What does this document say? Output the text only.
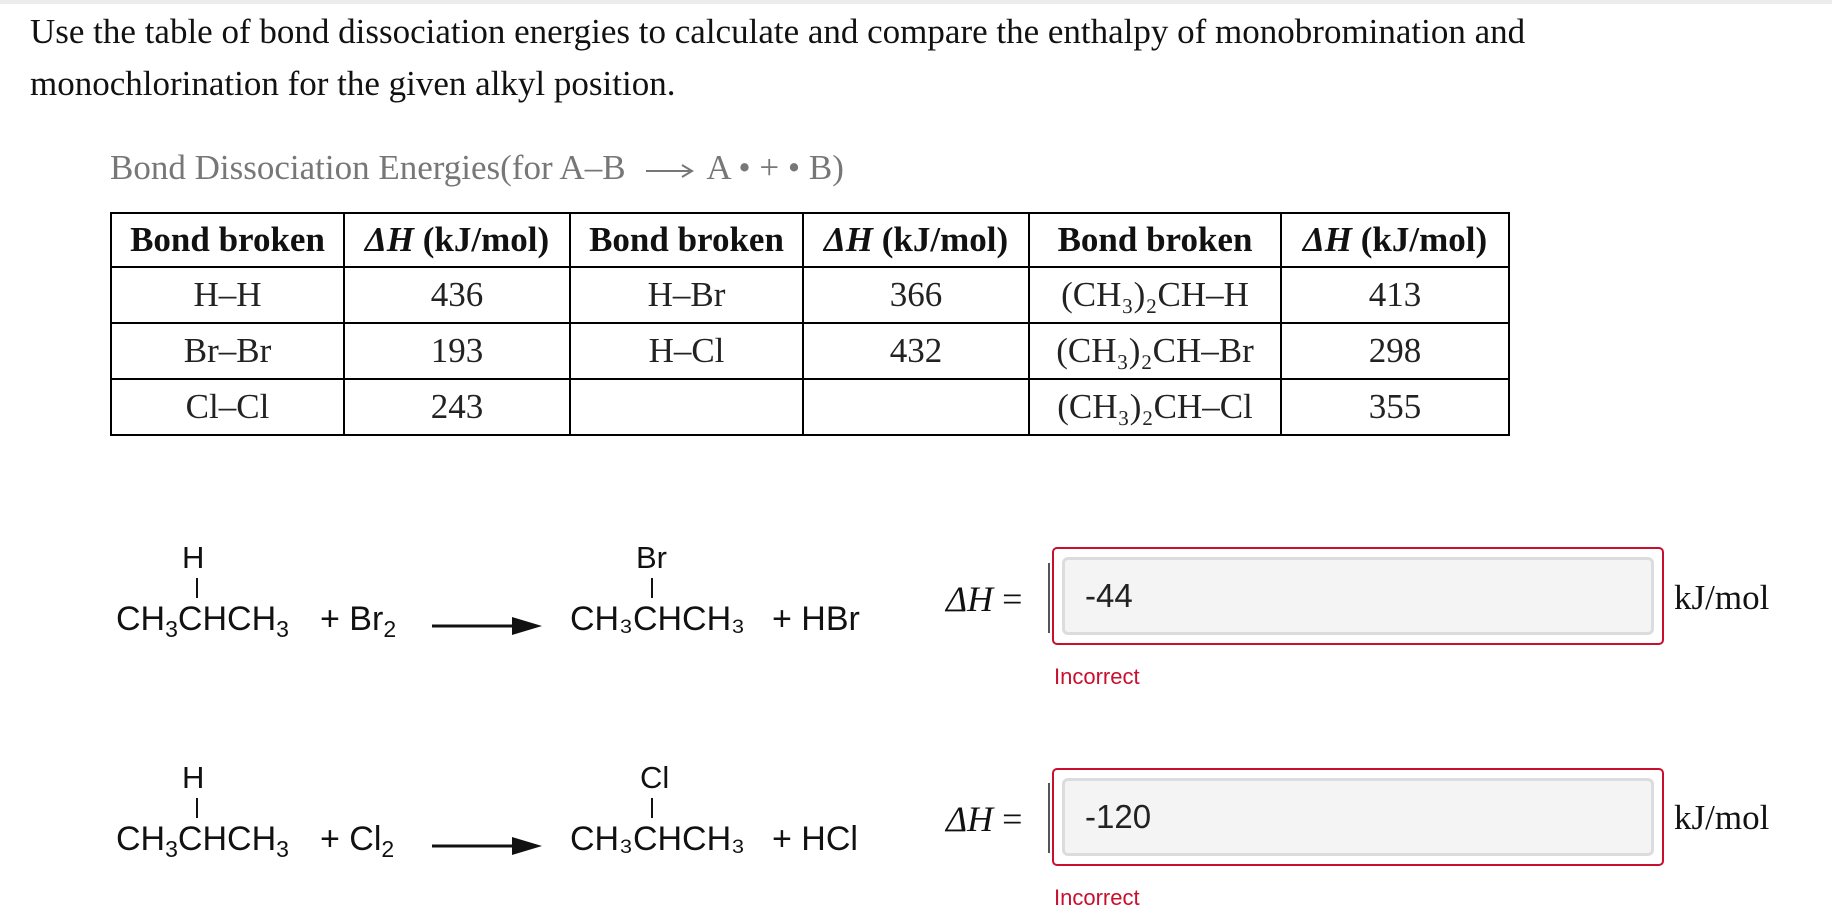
Use the table of bond dissociation energies to calculate and compare the enthalpy of monobromination and monochlorination for the given alkyl position.
Bond Dissociation Energies(for A–B A • + • B)
Bond broken	ΔH (kJ/mol)	Bond broken	ΔH (kJ/mol)	Bond broken	ΔH (kJ/mol)
H–H	436	H–Br	366	(CH₃)₂CH–H	413
Br–Br	193	H–Cl	432	(CH₃)₂CH–Br	298
Cl–Cl	243			(CH₃)₂CH–Cl	355
H
$CH_3CHCH_3 + Br_2$
Br
CH₃CHCH₃ + HBr ΔH =
-44	kJ/mol
Incorrect
H
$CH_3CHCH_3 + Cl_2$
Cl
CH₃CHCH₃ + HCl ΔH =
-120	kJ/mol
Incorrect
